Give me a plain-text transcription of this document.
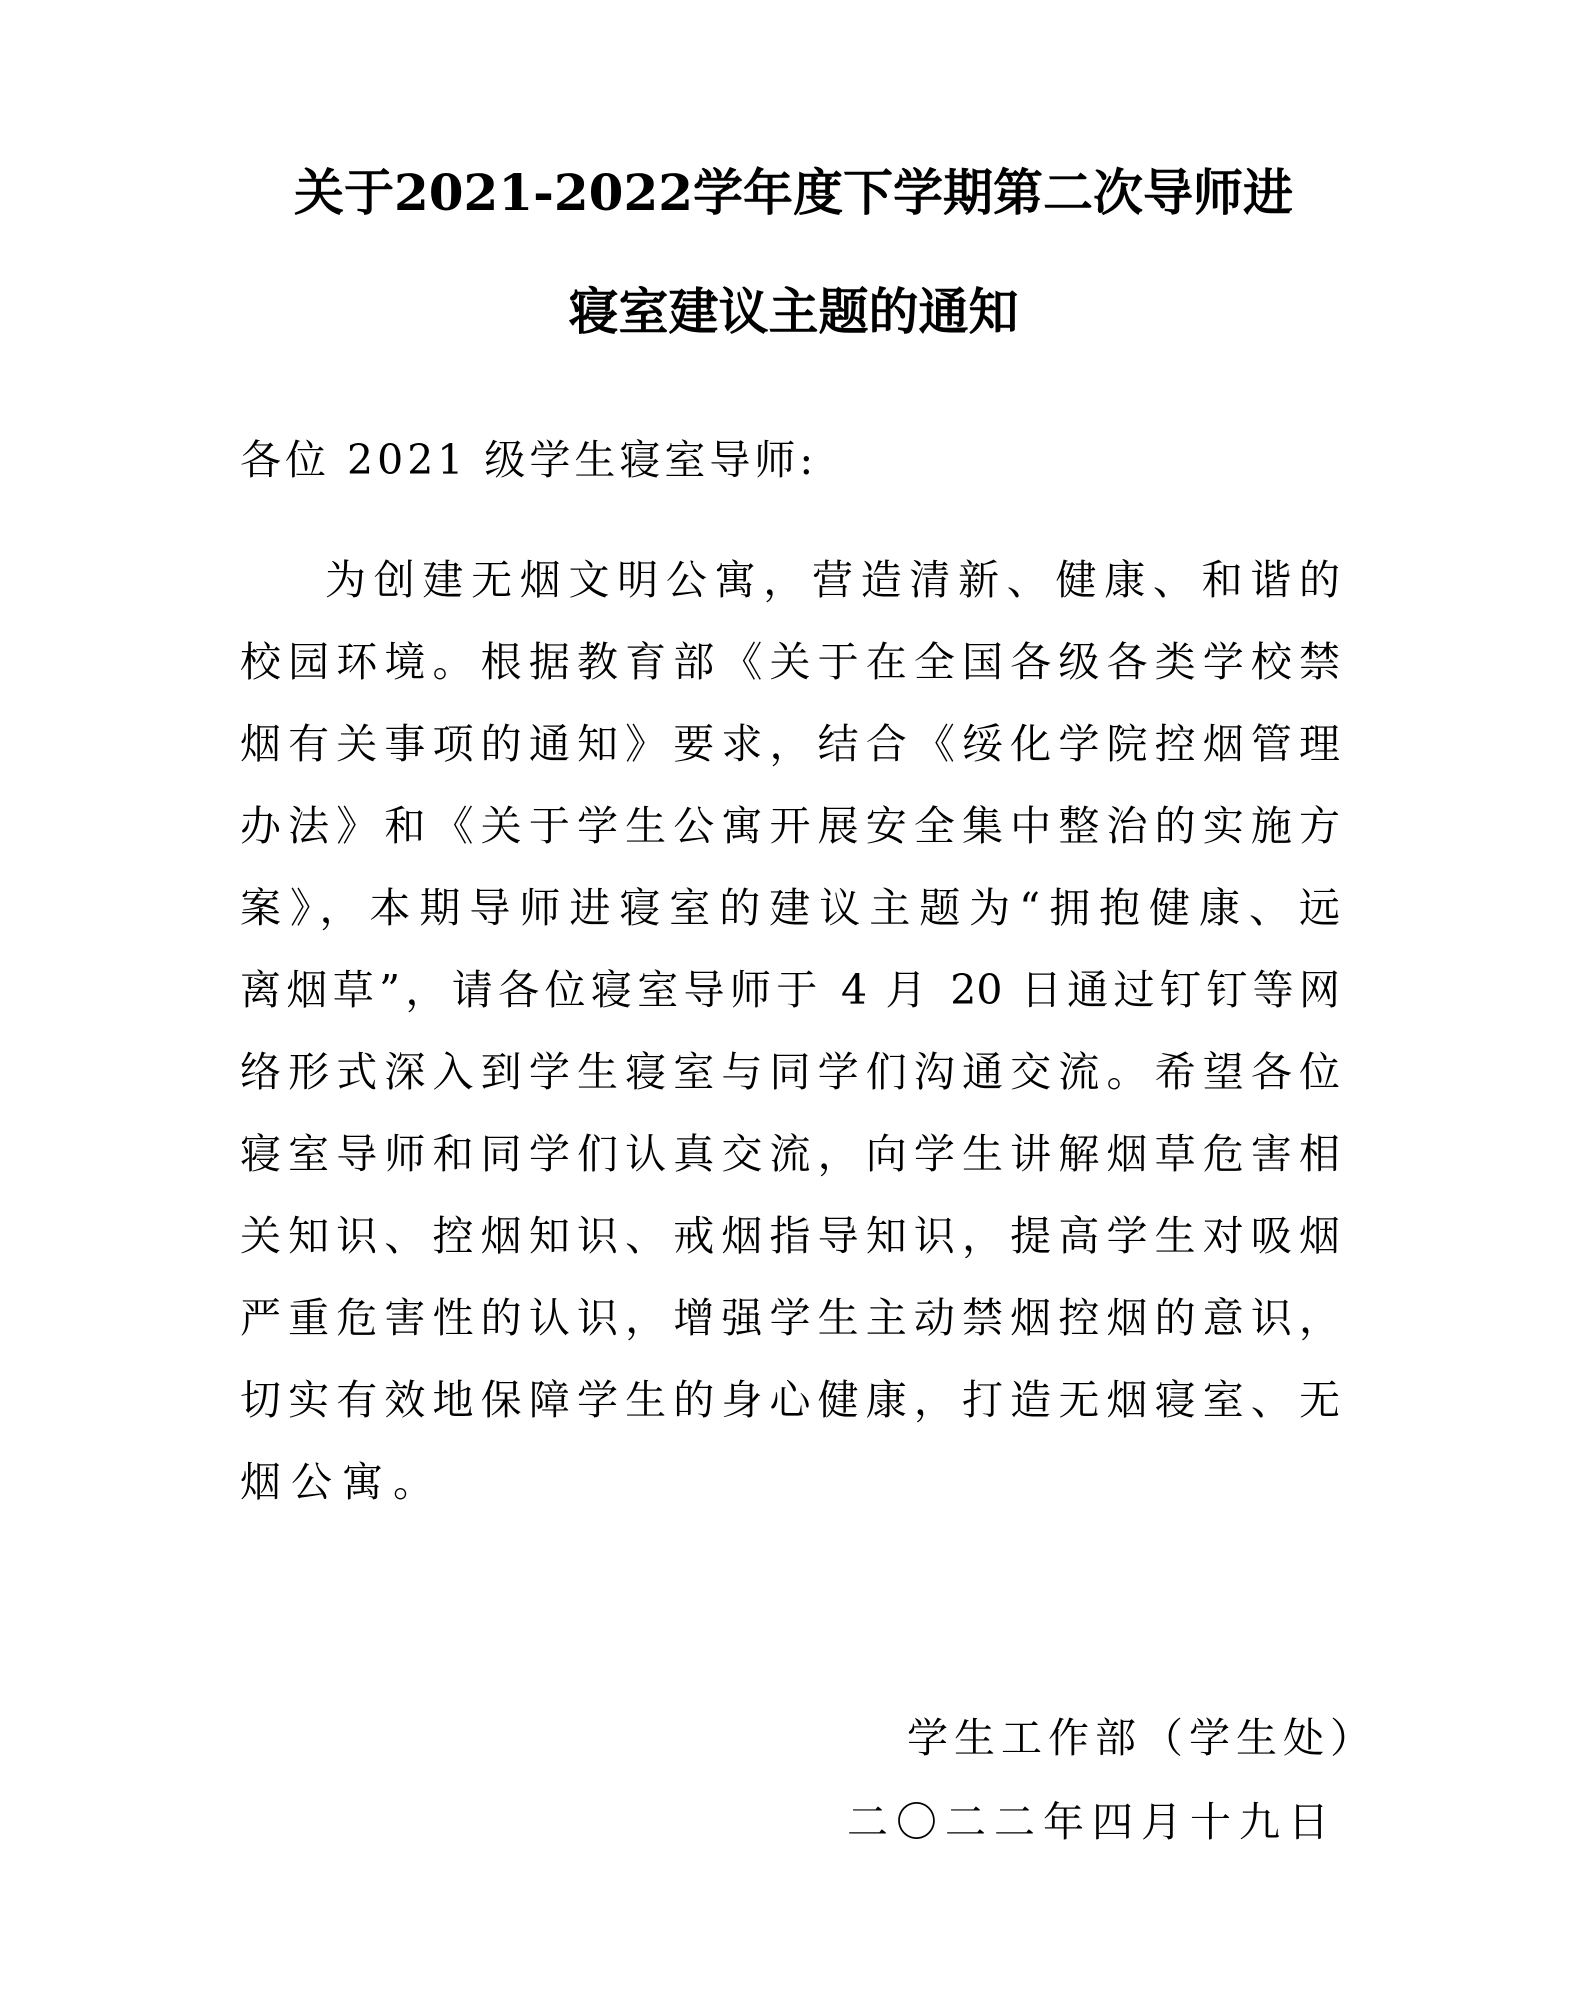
关于2021-2022学年度下学期第二次导师进
寝室建议主题的通知
各位 2021 级学生寝室导师:
为创建无烟文明公寓，营造清新、健康、和谐的
校园环境。根据教育部《关于在全国各级各类学校禁
烟有关事项的通知》要求，结合《绥化学院控烟管理
办法》和《关于学生公寓开展安全集中整治的实施方
案》，本期导师进寝室的建议主题为“拥抱健康、远
离烟草”，请各位寝室导师于 4 月 20 日通过钉钉等网
络形式深入到学生寝室与同学们沟通交流。希望各位
寝室导师和同学们认真交流，向学生讲解烟草危害相
关知识、控烟知识、戒烟指导知识，提高学生对吸烟
严重危害性的认识，增强学生主动禁烟控烟的意识，
切实有效地保障学生的身心健康，打造无烟寝室、无
烟公寓。
学生工作部（学生处）
二〇二二年四月十九日
